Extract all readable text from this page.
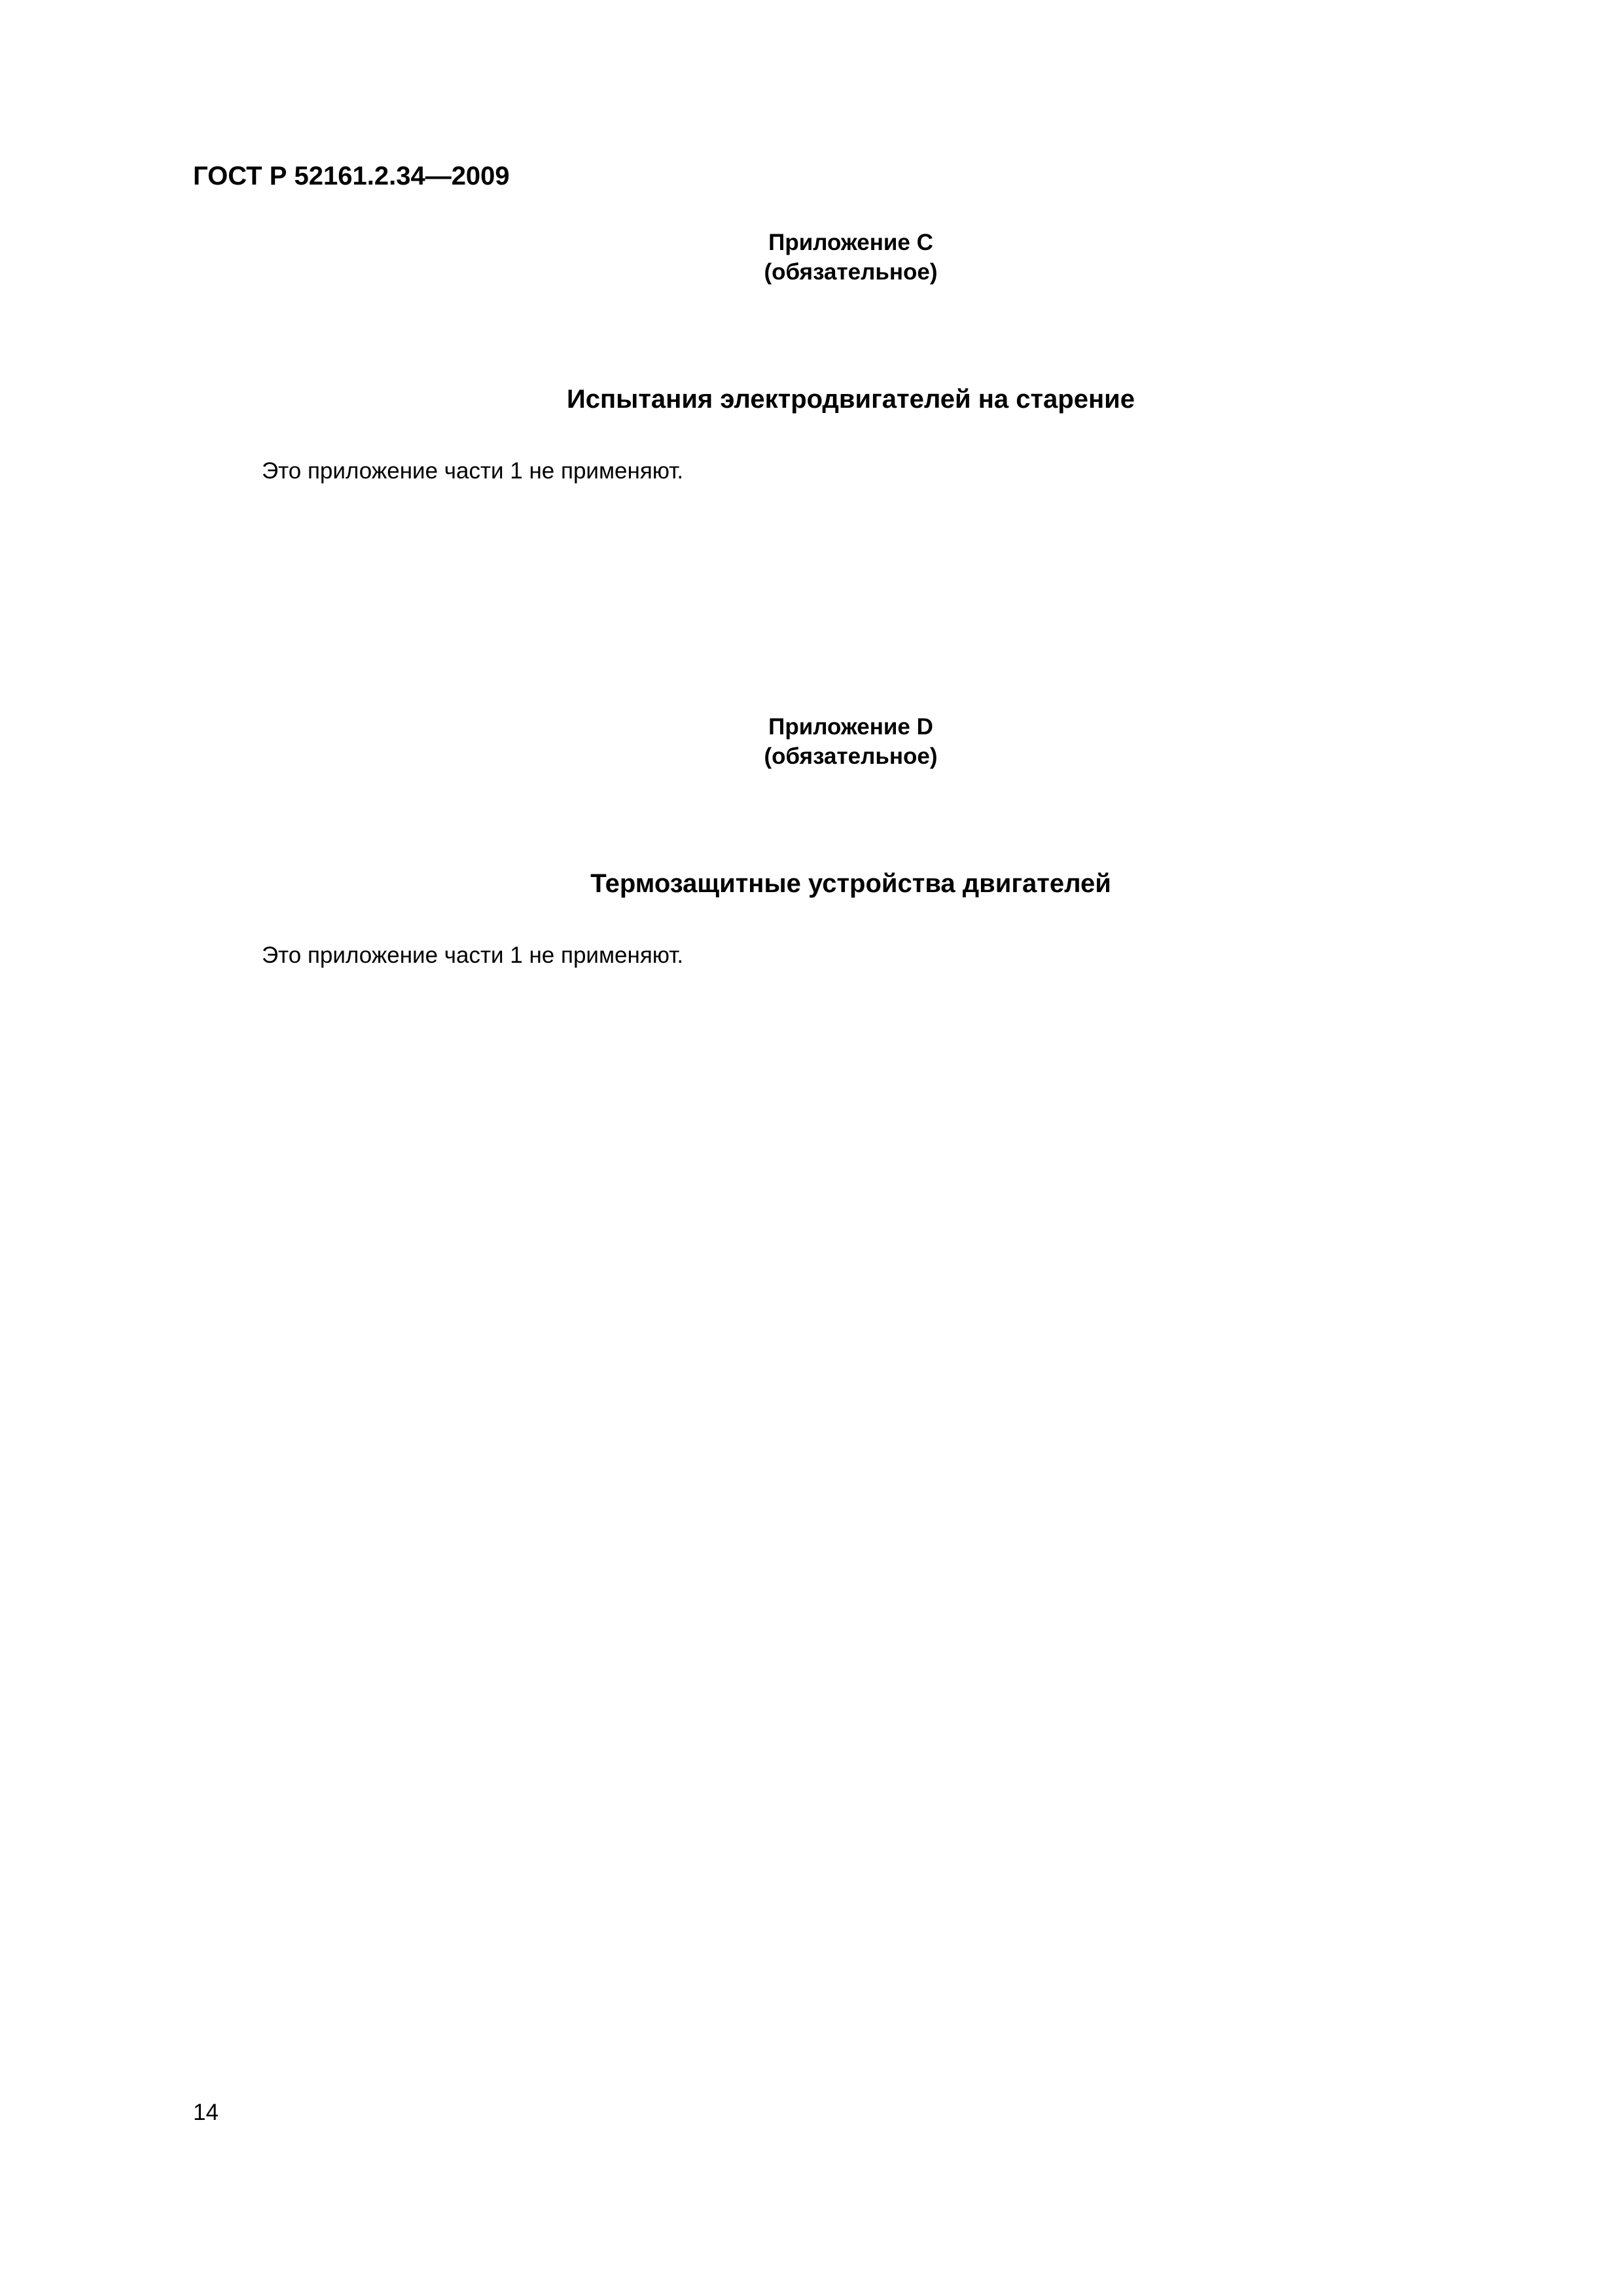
ГОСТ Р 52161.2.34—2009
Приложение С
(обязательное)
Испытания электродвигателей на старение
Это приложение части 1 не применяют.
Приложение D
(обязательное)
Термозащитные устройства двигателей
Это приложение части 1 не применяют.
14
